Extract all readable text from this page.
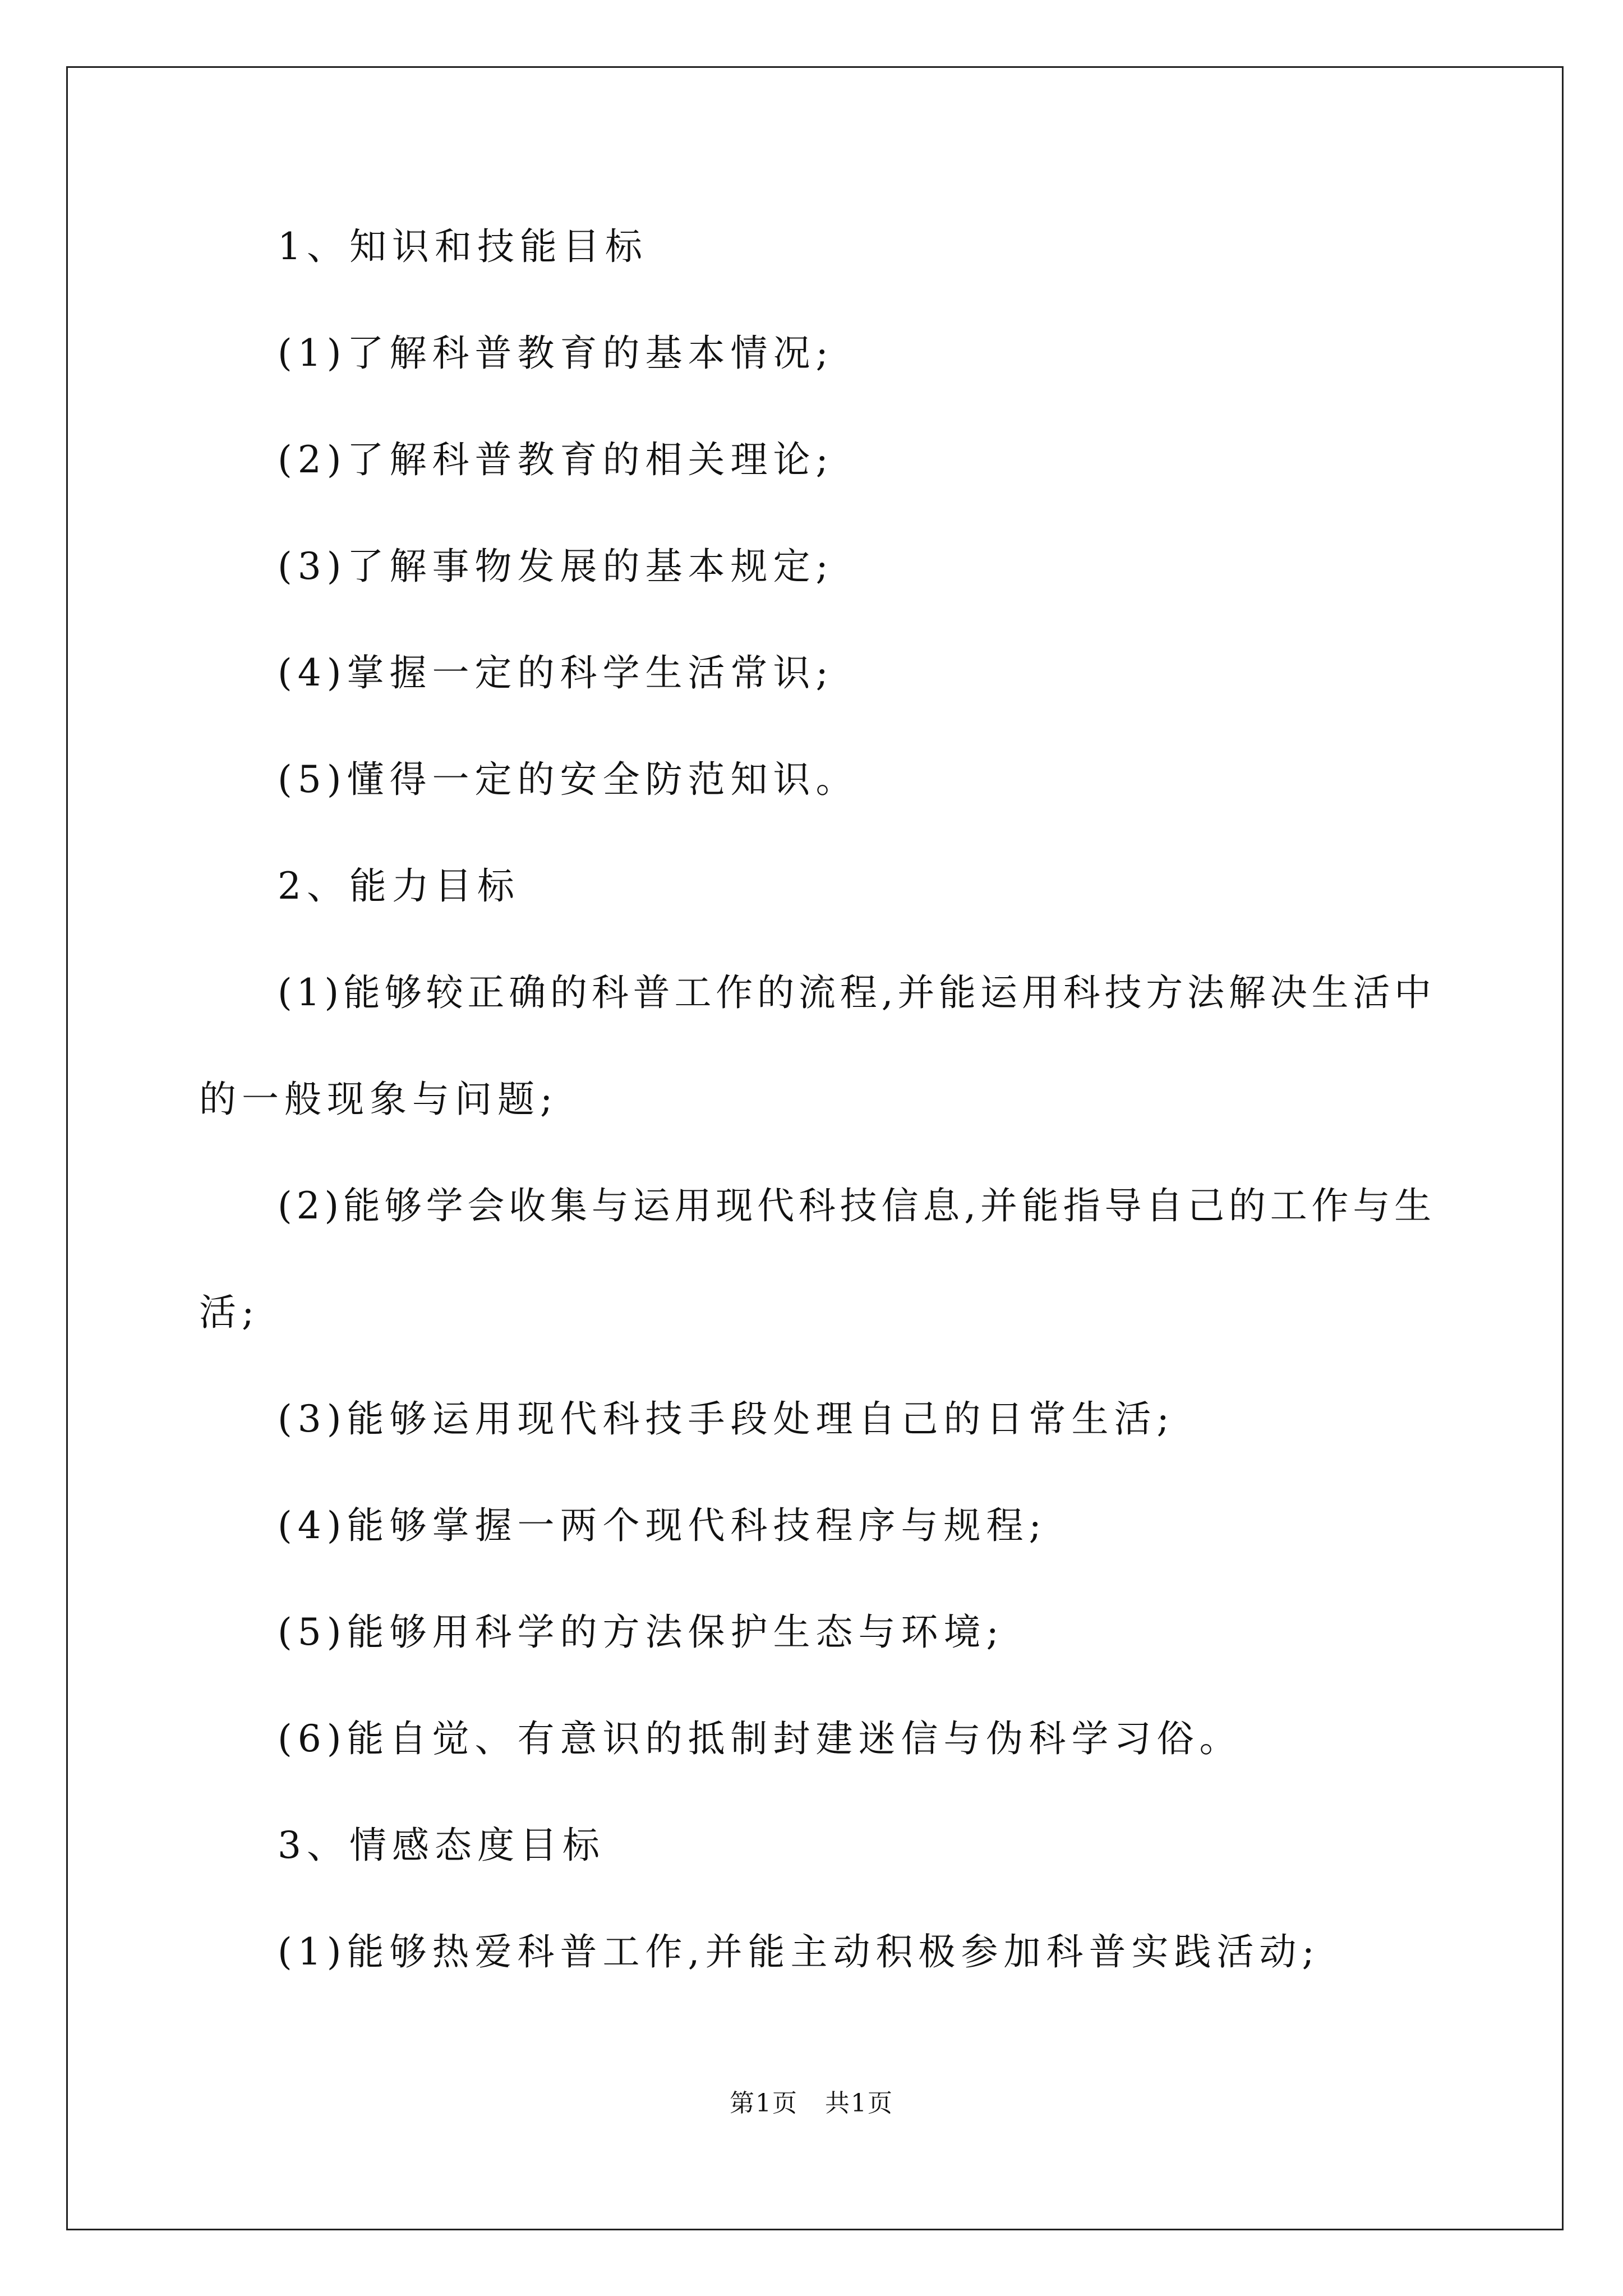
1、知识和技能目标
(1)了解科普教育的基本情况;
(2)了解科普教育的相关理论;
(3)了解事物发展的基本规定;
(4)掌握一定的科学生活常识;
(5)懂得一定的安全防范知识。
2、能力目标
(1)能够较正确的科普工作的流程,并能运用科技方法解决生活中
的一般现象与问题;
(2)能够学会收集与运用现代科技信息,并能指导自己的工作与生
活;
(3)能够运用现代科技手段处理自己的日常生活;
(4)能够掌握一两个现代科技程序与规程;
(5)能够用科学的方法保护生态与环境;
(6)能自觉、有意识的抵制封建迷信与伪科学习俗。
3、情感态度目标
(1)能够热爱科普工作,并能主动积极参加科普实践活动;
第1页   共1页
